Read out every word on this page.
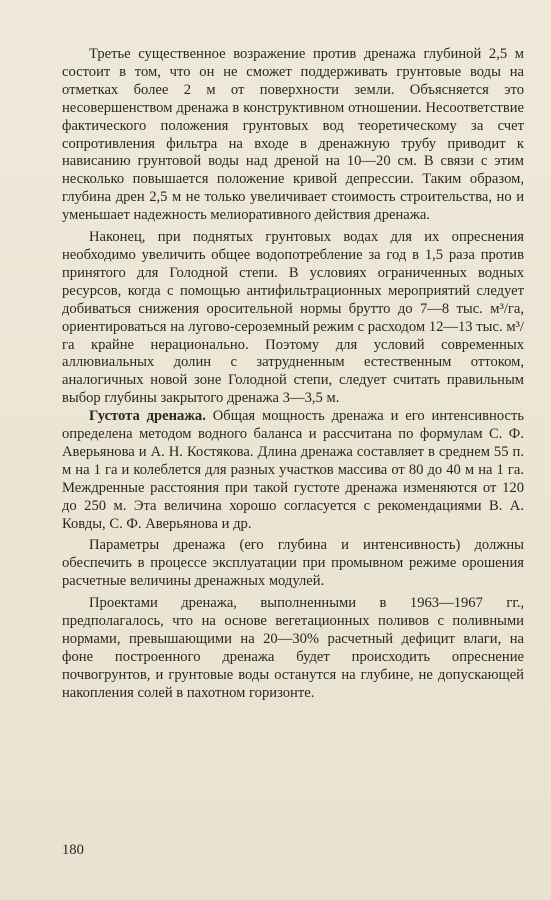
Третье существенное возражение против дренажа глубиной 2,5 м состоит в том, что он не сможет поддерживать грунтовые воды на отметках более 2 м от поверхности земли. Объясняется это несовершенством дренажа в конструктивном отношении. Несоответствие фактического положения грунтовых вод теоретическому за счет сопротивления фильтра на входе в дренажную трубу приводит к нависанию грунтовой воды над дреной на 10—20 см. В связи с этим несколько повышается положение кривой депрессии. Таким образом, глубина дрен 2,5 м не только увеличивает стоимость строительства, но и уменьшает надежность мелиоративного действия дренажа.

Наконец, при поднятых грунтовых водах для их опреснения необходимо увеличить общее водопотребление за год в 1,5 раза против принятого для Голодной степи. В условиях ограниченных водных ресурсов, когда с помощью антифильтрационных мероприятий следует добиваться снижения оросительной нормы брутто до 7—8 тыс. м³/га, ориентироваться на лугово-сероземный режим с расходом 12—13 тыс. м³/га крайне нерационально. Поэтому для условий современных аллювиальных долин с затрудненным естественным оттоком, аналогичных новой зоне Голодной степи, следует считать правильным выбор глубины закрытого дренажа 3—3,5 м.

Густота дренажа. Общая мощность дренажа и его интенсивность определена методом водного баланса и рассчитана по формулам С. Ф. Аверьянова и А. Н. Костякова. Длина дренажа составляет в среднем 55 п. м на 1 га и колеблется для разных участков массива от 80 до 40 м на 1 га. Междренные расстояния при такой густоте дренажа изменяются от 120 до 250 м. Эта величина хорошо согласуется с рекомендациями В. А. Ковды, С. Ф. Аверьянова и др.

Параметры дренажа (его глубина и интенсивность) должны обеспечить в процессе эксплуатации при промывном режиме орошения расчетные величины дренажных модулей.

Проектами дренажа, выполненными в 1963—1967 гг., предполагалось, что на основе вегетационных поливов с поливными нормами, превышающими на 20—30% расчетный дефицит влаги, на фоне построенного дренажа будет происходить опреснение почвогрунтов, и грунтовые воды останутся на глубине, не допускающей накопления солей в пахотном горизонте.

180
